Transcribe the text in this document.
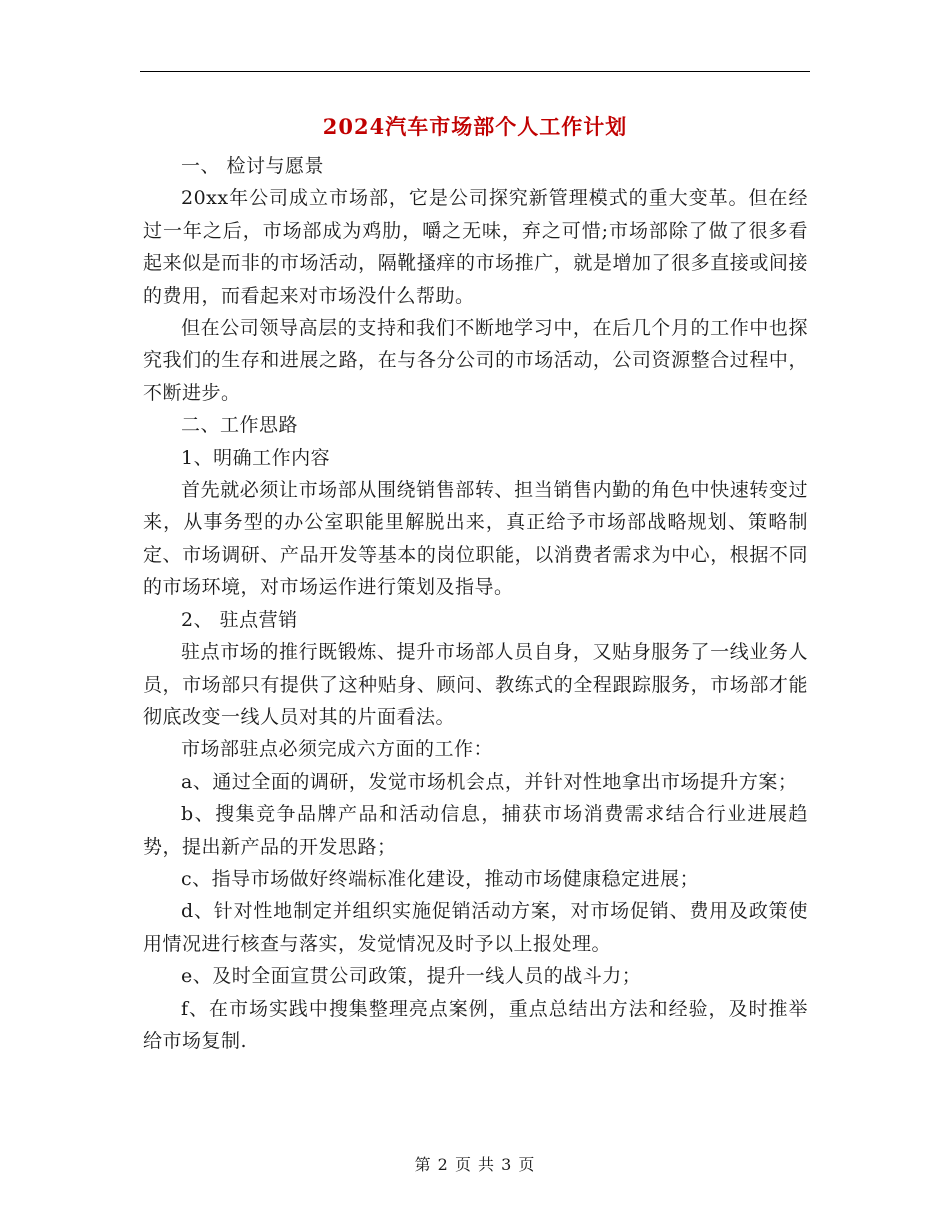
2024汽车市场部个人工作计划

一、 检讨与愿景

20xx年公司成立市场部，它是公司探究新管理模式的重大变革。但在经过一年之后，市场部成为鸡肋，嚼之无味，弃之可惜;市场部除了做了很多看起来似是而非的市场活动，隔靴搔痒的市场推广，就是增加了很多直接或间接的费用，而看起来对市场没什么帮助。

但在公司领导高层的支持和我们不断地学习中，在后几个月的工作中也探究我们的生存和进展之路，在与各分公司的市场活动，公司资源整合过程中，不断进步。

二、工作思路

1、明确工作内容

首先就必须让市场部从围绕销售部转、担当销售内勤的角色中快速转变过来，从事务型的办公室职能里解脱出来，真正给予市场部战略规划、策略制定、市场调研、产品开发等基本的岗位职能，以消费者需求为中心，根据不同的市场环境，对市场运作进行策划及指导。

2、 驻点营销

驻点市场的推行既锻炼、提升市场部人员自身，又贴身服务了一线业务人员，市场部只有提供了这种贴身、顾问、教练式的全程跟踪服务，市场部才能彻底改变一线人员对其的片面看法。

市场部驻点必须完成六方面的工作：

a、通过全面的调研，发觉市场机会点，并针对性地拿出市场提升方案；

b、搜集竞争品牌产品和活动信息，捕获市场消费需求结合行业进展趋势，提出新产品的开发思路；

c、指导市场做好终端标准化建设，推动市场健康稳定进展；

d、针对性地制定并组织实施促销活动方案，对市场促销、费用及政策使用情况进行核查与落实，发觉情况及时予以上报处理。

e、及时全面宣贯公司政策，提升一线人员的战斗力；

f、在市场实践中搜集整理亮点案例，重点总结出方法和经验，及时推举给市场复制.

第 2 页 共 3 页
